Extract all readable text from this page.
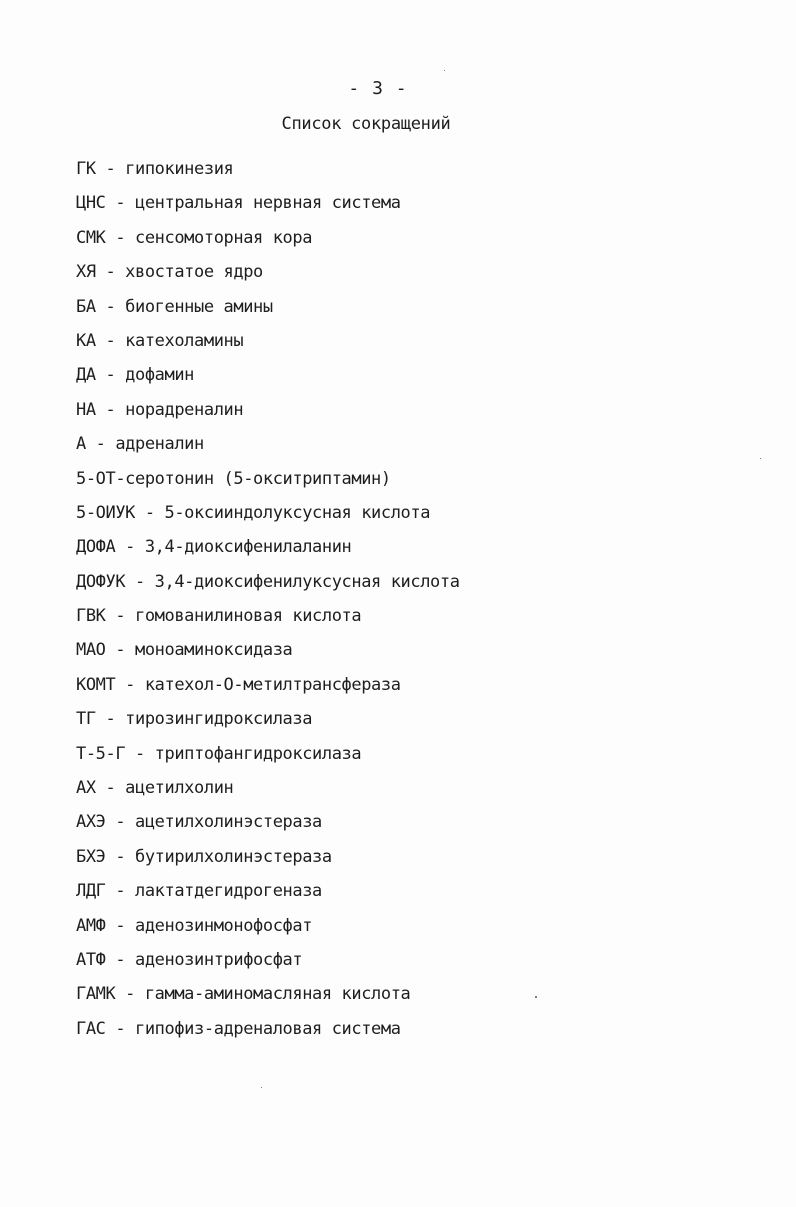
- 3 -
Список сокращений
ГК - гипокинезия
ЦНС - центральная нервная система
СМК - сенсомоторная кора
ХЯ - хвостатое ядро
БА - биогенные амины
КА - катехоламины
ДА - дофамин
НА - норадреналин
А - адреналин
5-ОТ-серотонин (5-окситриптамин)
5-ОИУК - 5-оксииндолуксусная кислота
ДОФА - 3,4-диоксифенилаланин
ДОФУК - 3,4-диоксифенилуксусная кислота
ГВК - гомованилиновая кислота
МАО - моноаминоксидаза
КОМТ - катехол-О-метилтрансфераза
ТГ - тирозингидроксилаза
Т-5-Г - триптофангидроксилаза
АХ - ацетилхолин
АХЭ - ацетилхолинэстераза
БХЭ - бутирилхолинэстераза
ЛДГ - лактатдегидрогеназа
АМФ - аденозинмонофосфат
АТФ - аденозинтрифосфат
ГАМК - гамма-аминомасляная кислота
ГАС - гипофиз-адреналовая система
